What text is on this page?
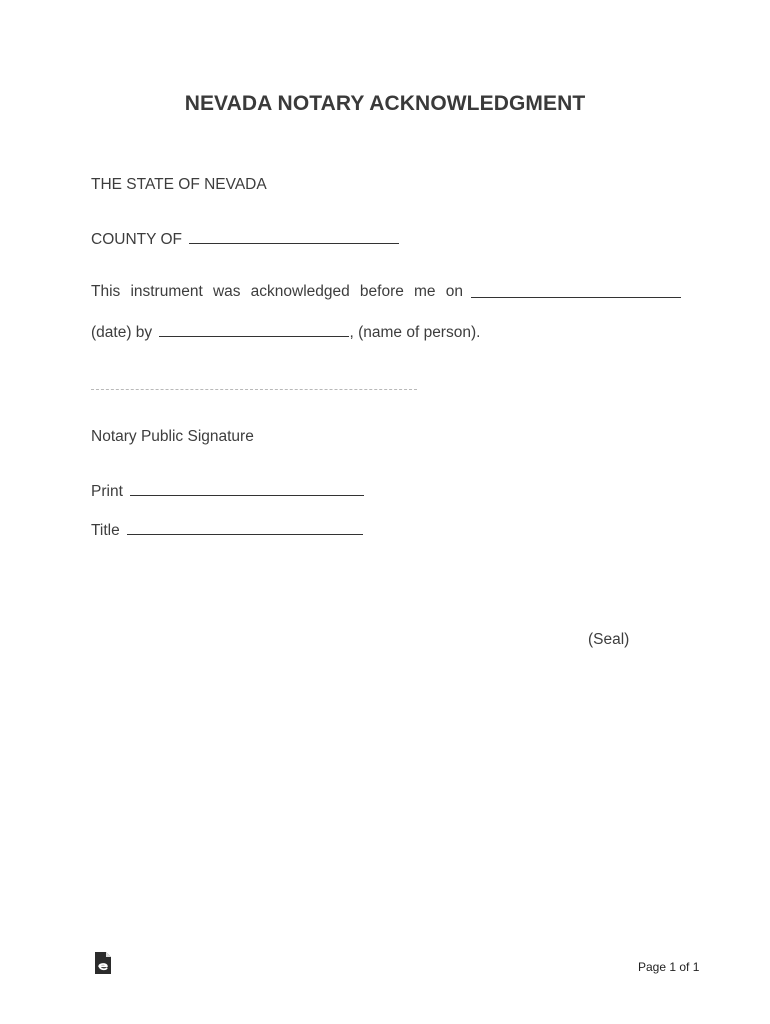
NEVADA NOTARY ACKNOWLEDGMENT
THE STATE OF NEVADA
COUNTY OF
This instrument was acknowledged before me on
(date) by	, (name of person).
Notary Public Signature
Print
Title
(Seal)
Page 1 of 1
